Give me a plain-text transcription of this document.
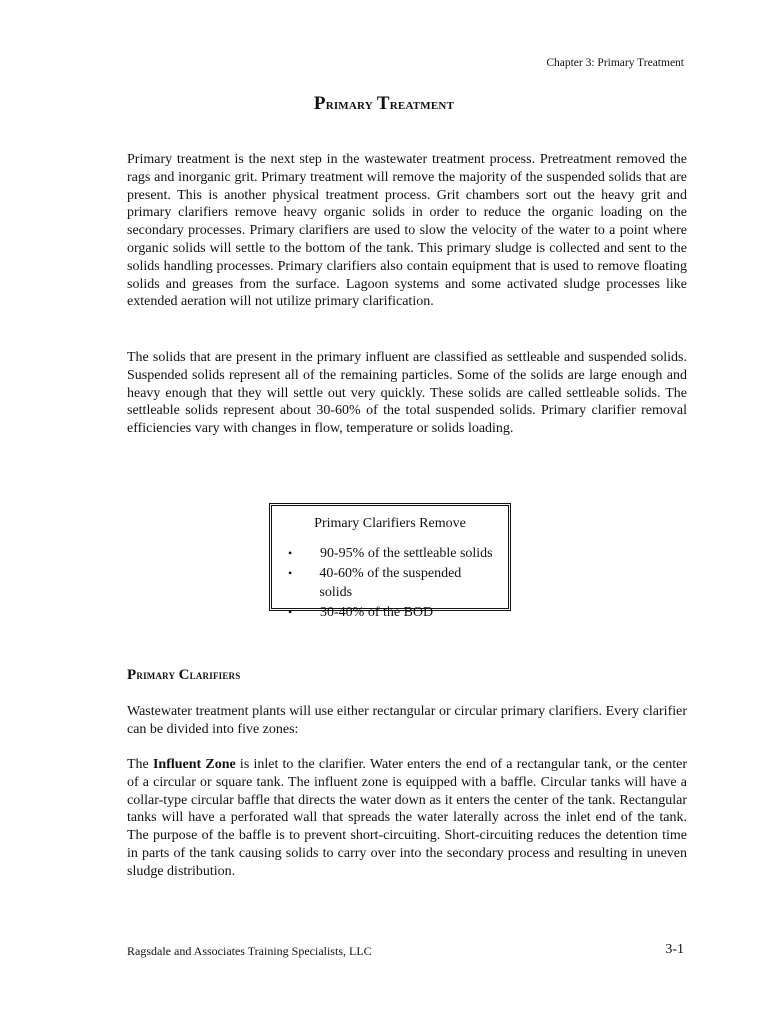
Chapter 3: Primary Treatment
Primary Treatment

Primary treatment is the next step in the wastewater treatment process. Pretreatment removed the rags and inorganic grit. Primary treatment will remove the majority of the suspended solids that are present. This is another physical treatment process. Grit chambers sort out the heavy grit and primary clarifiers remove heavy organic solids in order to reduce the organic loading on the secondary processes. Primary clarifiers are used to slow the velocity of the water to a point where organic solids will settle to the bottom of the tank. This primary sludge is collected and sent to the solids handling processes. Primary clarifiers also contain equipment that is used to remove floating solids and greases from the surface. Lagoon systems and some activated sludge processes like extended aeration will not utilize primary clarification.

The solids that are present in the primary influent are classified as settleable and suspended solids. Suspended solids represent all of the remaining particles. Some of the solids are large enough and heavy enough that they will settle out very quickly. These solids are called settleable solids. The settleable solids represent about 30-60% of the total suspended solids. Primary clarifier removal efficiencies vary with changes in flow, temperature or solids loading.

Primary Clarifiers Remove
•	90-95% of the settleable solids
•	40-60% of the suspended solids
•	30-40% of the BOD
Primary Clarifiers

Wastewater treatment plants will use either rectangular or circular primary clarifiers. Every clarifier can be divided into five zones:

The Influent Zone is inlet to the clarifier. Water enters the end of a rectangular tank, or the center of a circular or square tank. The influent zone is equipped with a baffle. Circular tanks will have a collar-type circular baffle that directs the water down as it enters the center of the tank. Rectangular tanks will have a perforated wall that spreads the water laterally across the inlet end of the tank. The purpose of the baffle is to prevent short-circuiting. Short-circuiting reduces the detention time in parts of the tank causing solids to carry over into the secondary process and resulting in uneven sludge distribution.

Ragsdale and Associates Training Specialists, LLC	3-1
